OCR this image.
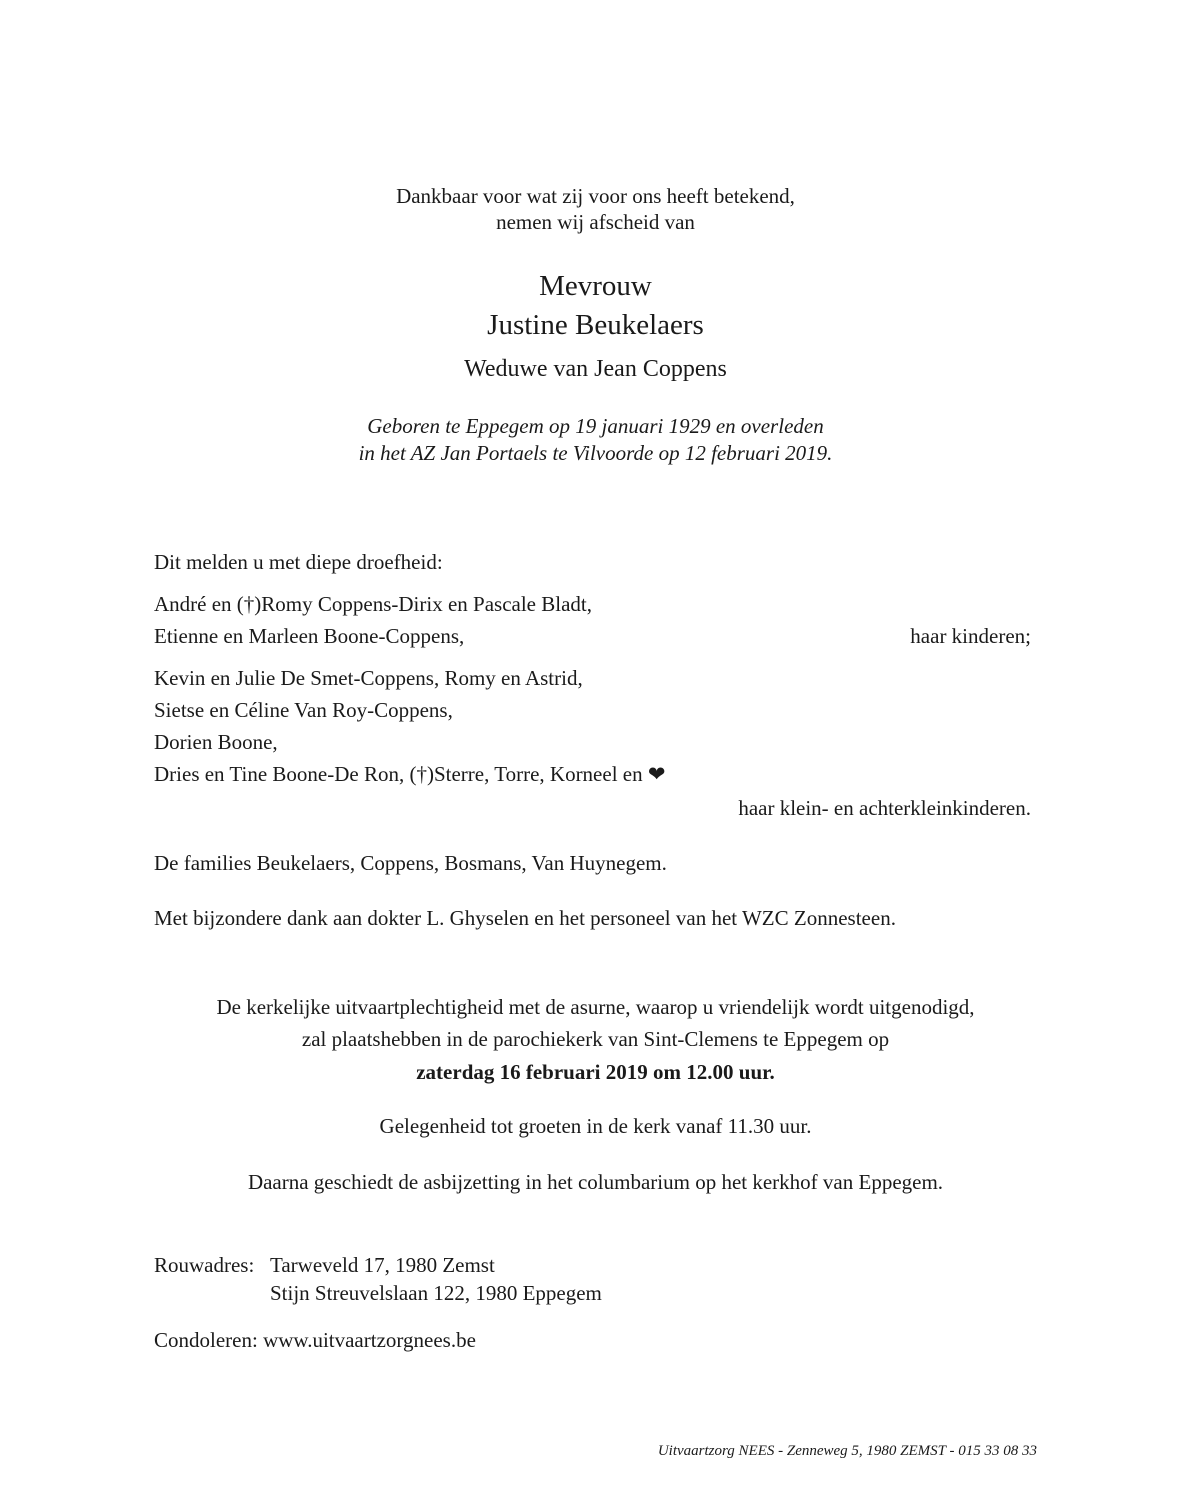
Dankbaar voor wat zij voor ons heeft betekend,
nemen wij afscheid van
Mevrouw
Justine Beukelaers
Weduwe van Jean Coppens
Geboren te Eppegem op 19 januari 1929 en overleden
in het AZ Jan Portaels te Vilvoorde op 12 februari 2019.
Dit melden u met diepe droefheid:
André en (†)Romy Coppens-Dirix en Pascale Bladt,
Etienne en Marleen Boone-Coppens,	haar kinderen;
Kevin en Julie De Smet-Coppens, Romy en Astrid,
Sietse en Céline Van Roy-Coppens,
Dorien Boone,
Dries en Tine Boone-De Ron, (†)Sterre, Torre, Korneel en ❤
haar klein- en achterkleinkinderen.
De families Beukelaers, Coppens, Bosmans, Van Huynegem.
Met bijzondere dank aan dokter L. Ghyselen en het personeel van het WZC Zonnesteen.
De kerkelijke uitvaartplechtigheid met de asurne, waarop u vriendelijk wordt uitgenodigd,
zal plaatshebben in de parochiekerk van Sint-Clemens te Eppegem op
zaterdag 16 februari 2019 om 12.00 uur.
Gelegenheid tot groeten in de kerk vanaf 11.30 uur.
Daarna geschiedt de asbijzetting in het columbarium op het kerkhof van Eppegem.
Rouwadres: Tarweveld 17, 1980 Zemst
Stijn Streuvelslaan 122, 1980 Eppegem
Condoleren: www.uitvaartzorgnees.be
Uitvaartzorg NEES - Zenneweg 5, 1980 ZEMST - 015 33 08 33
